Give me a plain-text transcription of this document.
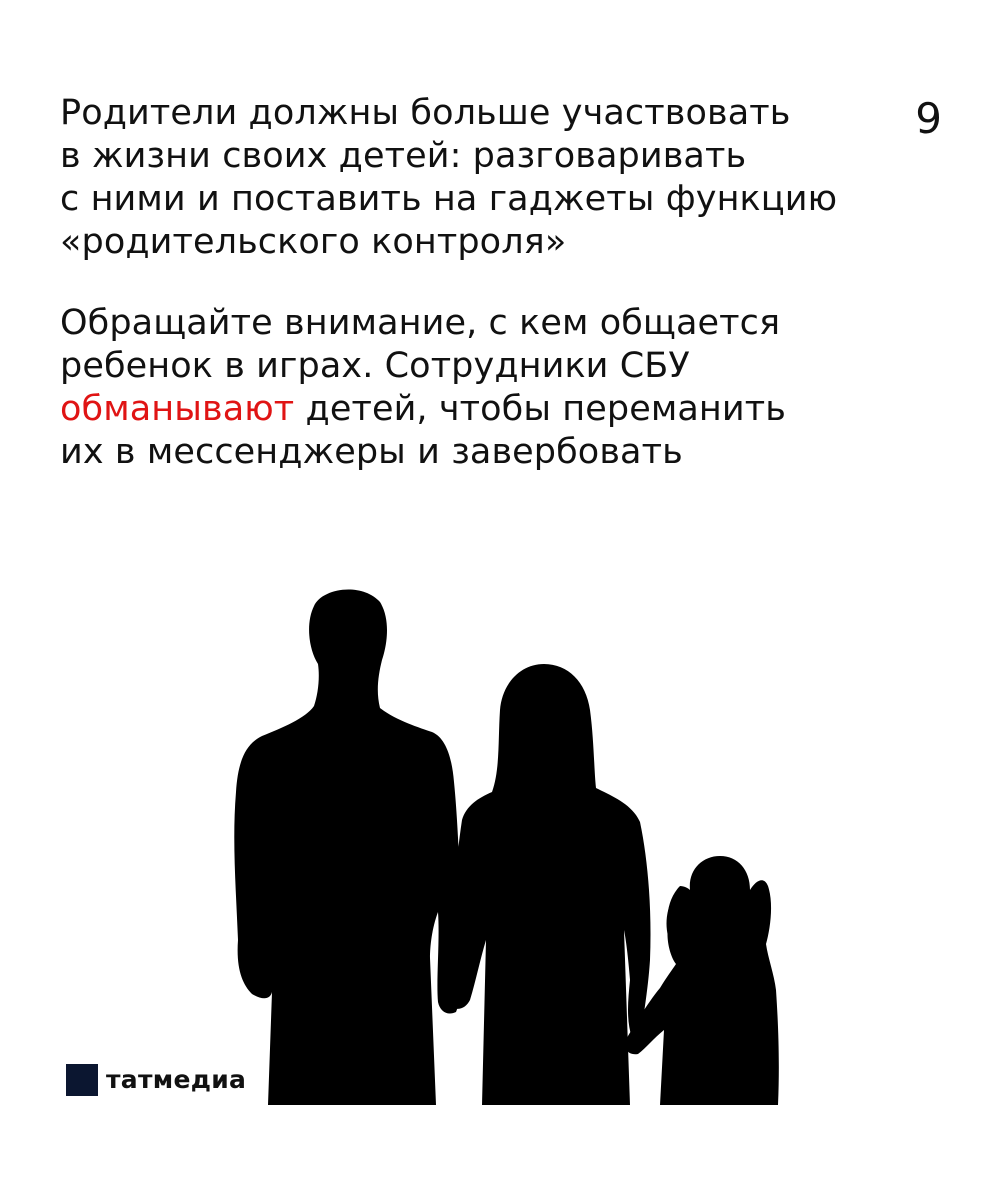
9

Родители должны больше участвовать
в жизни своих детей: разговаривать
с ними и поставить на гаджеты функцию
«родительского контроля»

Обращайте внимание, с кем общается
ребенок в играх. Сотрудники СБУ
обманывают детей, чтобы переманить
их в мессенджеры и завербовать

татмедиа
